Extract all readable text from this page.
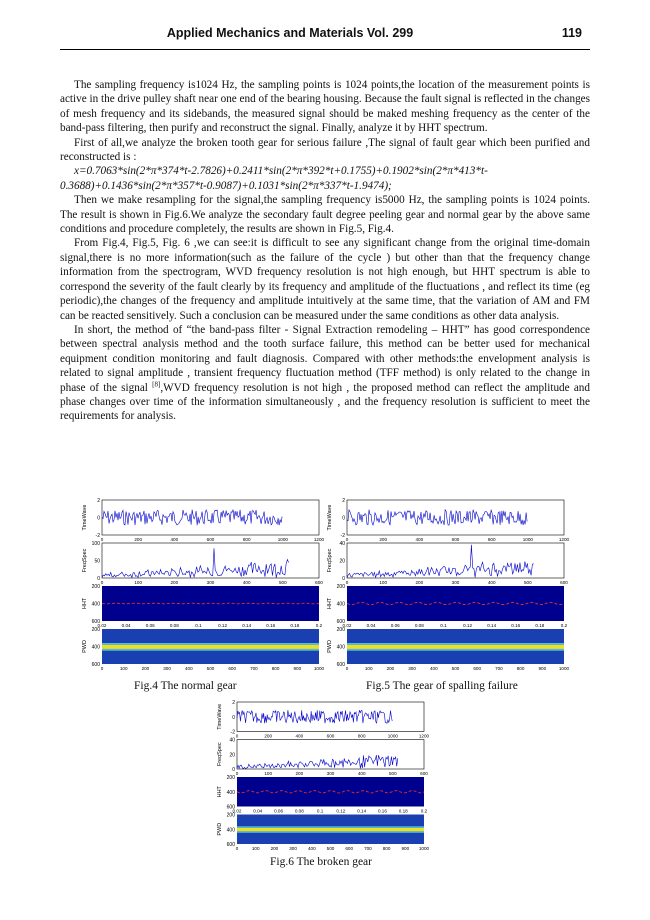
Applied Mechanics and Materials Vol. 299	119

The sampling frequency is1024 Hz, the sampling points is 1024 points,the location of the measurement points is active in the drive pulley shaft near one end of the bearing housing. Because the fault signal is reflected in the changes of mesh frequency and its sidebands, the measured signal should be maked meshing frequency as the center of the band-pass filtering, then purify and reconstruct the signal. Finally, analyze it by HHT spectrum.

First of all,we analyze the broken tooth gear for serious failure ,The signal of fault gear which been purified and reconstructed is :

x=0.7063*sin(2*π*374*t-2.7826)+0.2411*sin(2*π*392*t+0.1755)+0.1902*sin(2*π*413*t-0.3688)+0.1436*sin(2*π*357*t-0.9087)+0.1031*sin(2*π*337*t-1.9474);

Then we make resampling for the signal,the sampling frequency is5000 Hz, the sampling points is 1024 points. The result is shown in Fig.6.We analyze the secondary fault degree peeling gear and normal gear by the above same conditions and procedure completely, the results are shown in Fig.5, Fig.4.

From Fig.4, Fig.5, Fig. 6 ,we can see:it is difficult to see any significant change from the original time-domain signal,there is no more information(such as the failure of the cycle ) but other than that the frequency change information from the spectrogram, WVD frequency resolution is not high enough, but HHT spectrum is able to correspond the severity of the fault clearly by its frequency and amplitude of the fluctuations , and reflect its time (eg periodic),the changes of the frequency and amplitude intuitively at the same time, that the variation of AM and FM can be reacted sensitively. Such a conclusion can be measured under the same conditions as other data analysis.

In short, the method of “the band-pass filter - Signal Extraction remodeling – HHT” has good correspondence between spectral analysis method and the tooth surface failure, this method can be better used for mechanical equipment condition monitoring and fault diagnosis. Compared with other methods:the envelopment analysis is related to signal amplitude , transient frequency fluctuation method (TFF method) is only related to the change in phase of the signal [8],WVD frequency resolution is not high , the proposed method can reflect the amplitude and phase changes over time of the information simultaneously , and the frequency resolution is sufficient to meet the requirements for analysis.

2
0
-2
0	200	400	600	800	1000	1200
TimeWave
100
50
0
0	100	200	300	400	500	600
FreqSpec
200
400
600
0.02	0.04	0.06	0.08	0.1	0.12	0.14	0.16	0.18	0.2
HHT
200
400
600
0	100	200	300	400	500	600	700	800	900	1000
PWD
2
0
-2
0	200	400	600	800	1000	1200
TimeWave
40
20
0
0	100	200	300	400	500	600
FreqSpec
200
400
600
0.02	0.04	0.06	0.08	0.1	0.12	0.14	0.16	0.18	0.2
HHT
200
400
600
0	100	200	300	400	500	600	700	800	900	1000
PWD
2
0
-2
0	200	400	600	800	1000	1200
TimeWave
40
20
0
0	100	200	300	400	500	600
FreqSpec
200
400
600
0.02	0.04	0.06	0.08	0.1	0.12	0.14	0.16	0.18	0.2
HHT
200
400
600
0	100 200 300 400 500 600 700 800 900 1000
PWD
Fig.4 The normal gear	Fig.5 The gear of spalling failure
Fig.6 The broken gear
